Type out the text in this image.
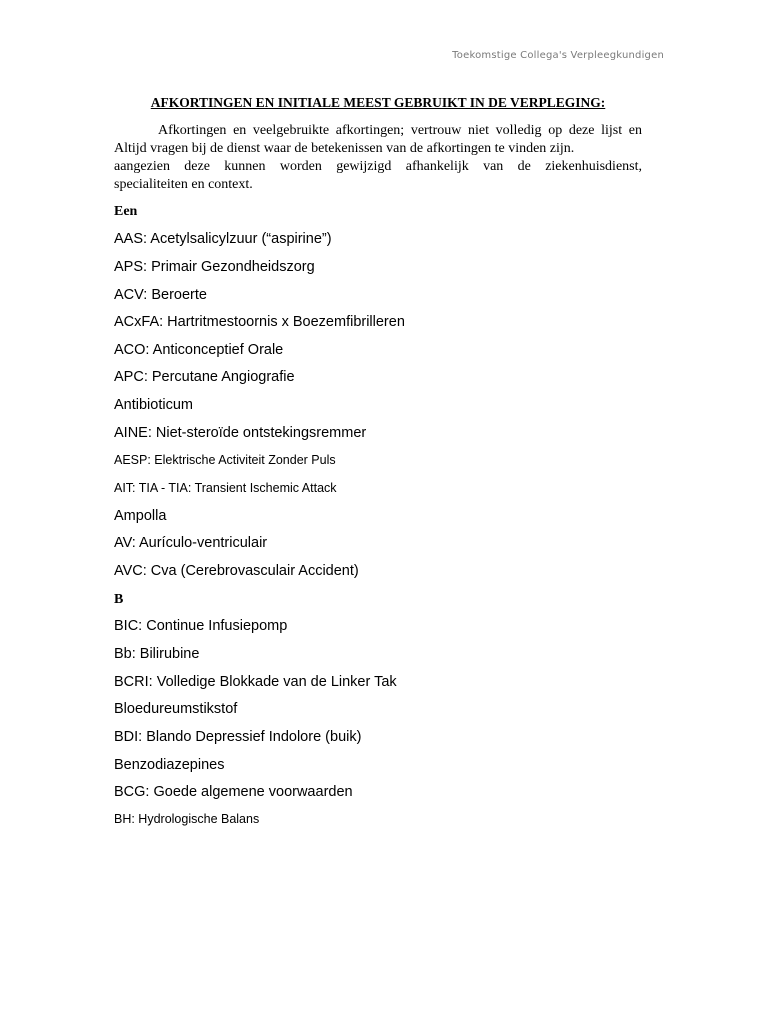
Toekomstige Collega's Verpleegkundigen
AFKORTINGEN EN INITIALE MEEST GEBRUIKT IN DE VERPLEGING:
Afkortingen en veelgebruikte afkortingen; vertrouw niet volledig op deze lijst en
Altijd vragen bij de dienst waar de betekenissen van de afkortingen te vinden zijn.
aangezien deze kunnen worden gewijzigd afhankelijk van de ziekenhuisdienst,
specialiteiten en context.
Een
AAS: Acetylsalicylzuur (“aspirine”)
APS: Primair Gezondheidszorg
ACV: Beroerte
ACxFA: Hartritmestoornis x Boezemfibrilleren
ACO: Anticonceptief Orale
APC: Percutane Angiografie
Antibioticum
AINE: Niet-steroïde ontstekingsremmer
AESP: Elektrische Activiteit Zonder Puls
AIT: TIA - TIA: Transient Ischemic Attack
Ampolla
AV: Aurículo-ventriculair
AVC: Cva (Cerebrovasculair Accident)
B
BIC: Continue Infusiepomp
Bb: Bilirubine
BCRI: Volledige Blokkade van de Linker Tak
Bloedureumstikstof
BDI: Blando Depressief Indolore (buik)
Benzodiazepines
BCG: Goede algemene voorwaarden
BH: Hydrologische Balans
